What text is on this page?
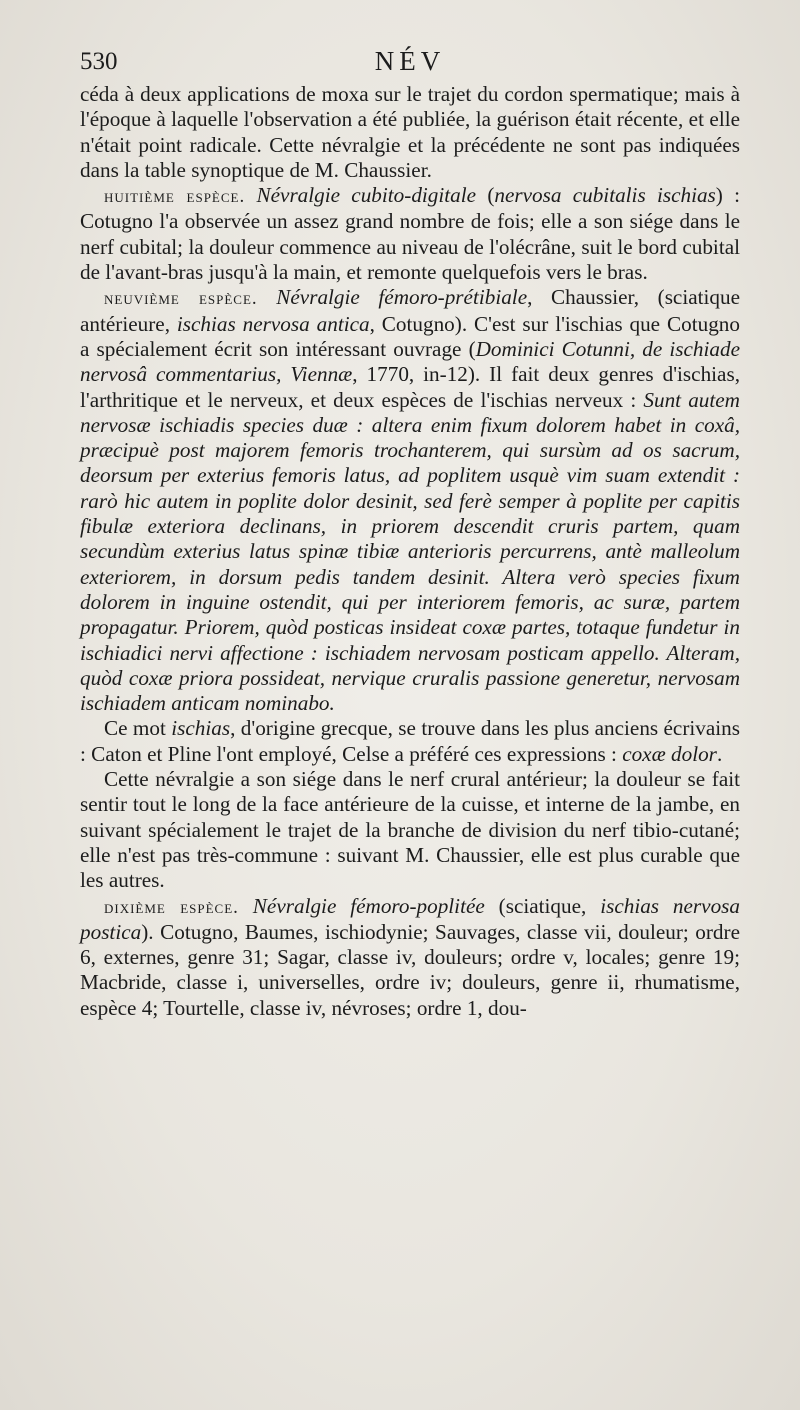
530	NÉV

céda à deux applications de moxa sur le trajet du cordon spermatique; mais à l'époque à laquelle l'observation a été publiée, la guérison était récente, et elle n'était point radicale. Cette névralgie et la précédente ne sont pas indiquées dans la table synoptique de M. Chaussier.

huitième espèce. Névralgie cubito-digitale (nervosa cubitalis ischias) : Cotugno l'a observée un assez grand nombre de fois; elle a son siége dans le nerf cubital; la douleur commence au niveau de l'olécrâne, suit le bord cubital de l'avant-bras jusqu'à la main, et remonte quelquefois vers le bras.

neuvième espèce. Névralgie fémoro-prétibiale, Chaussier, (sciatique antérieure, ischias nervosa antica, Cotugno). C'est sur l'ischias que Cotugno a spécialement écrit son intéressant ouvrage (Dominici Cotunni, de ischiade nervosâ commentarius, Viennæ, 1770, in-12). Il fait deux genres d'ischias, l'arthritique et le nerveux, et deux espèces de l'ischias nerveux : Sunt autem nervosæ ischiadis species duæ : altera enim fixum dolorem habet in coxâ, præcipuè post majorem femoris trochanterem, qui sursùm ad os sacrum, deorsum per exterius femoris latus, ad poplitem usquè vim suam extendit : rarò hic autem in poplite dolor desinit, sed ferè semper à poplite per capitis fibulæ exteriora declinans, in priorem descendit cruris partem, quam secundùm exterius latus spinæ tibiæ anterioris percurrens, antè malleolum exteriorem, in dorsum pedis tandem desinit. Altera verò species fixum dolorem in inguine ostendit, qui per interiorem femoris, ac suræ, partem propagatur. Priorem, quòd posticas insideat coxæ partes, totaque fundetur in ischiadici nervi affectione : ischiadem nervosam posticam appello. Alteram, quòd coxæ priora possideat, nervique cruralis passione generetur, nervosam ischiadem anticam nominabo.

Ce mot ischias, d'origine grecque, se trouve dans les plus anciens écrivains : Caton et Pline l'ont employé, Celse a préféré ces expressions : coxæ dolor.

Cette névralgie a son siége dans le nerf crural antérieur; la douleur se fait sentir tout le long de la face antérieure de la cuisse, et interne de la jambe, en suivant spécialement le trajet de la branche de division du nerf tibio-cutané; elle n'est pas très-commune : suivant M. Chaussier, elle est plus curable que les autres.

dixième espèce. Névralgie fémoro-poplitée (sciatique, ischias nervosa postica). Cotugno, Baumes, ischiodynie; Sauvages, classe vii, douleur; ordre 6, externes, genre 31; Sagar, classe iv, douleurs; ordre v, locales; genre 19; Macbride, classe i, universelles, ordre iv; douleurs, genre ii, rhumatisme, espèce 4; Tourtelle, classe iv, névroses; ordre 1, dou-
